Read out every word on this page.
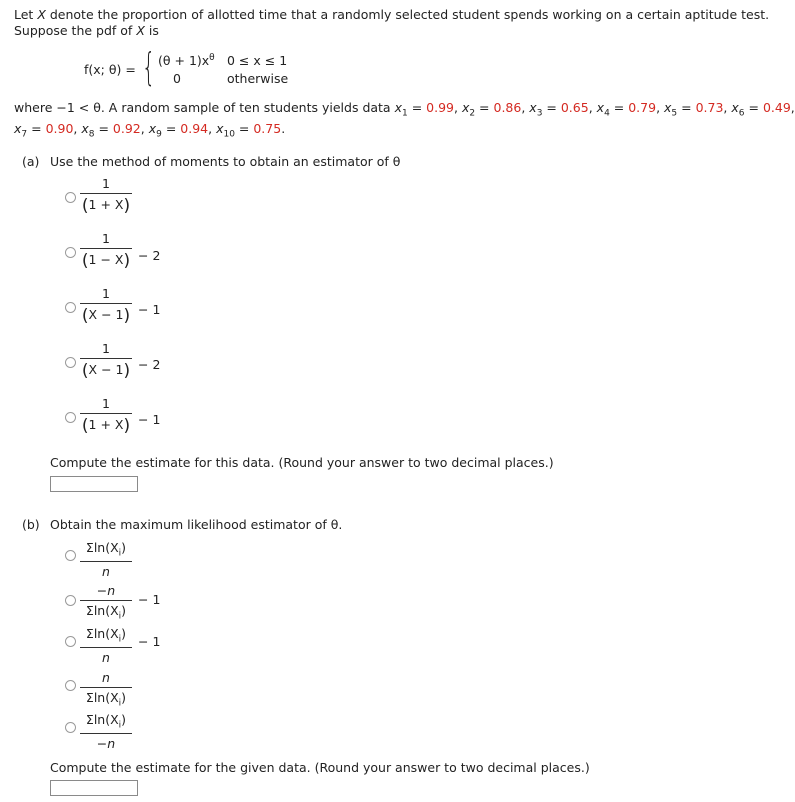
Let X denote the proportion of allotted time that a randomly selected student spends working on a certain aptitude test. Suppose the pdf of X is
f(x; θ) = { $(\theta + 1)x^\theta$ 0 ≤ x ≤ 1
0	otherwise
where −1 < θ. A random sample of ten students yields data $x_1 = 0.99$, $x_2 = 0.86$, $x_3 = 0.65$, $x_4 = 0.79$, $x_5 = 0.73$, $x_6 = 0.49$,
$x_7 = 0.90$, $x_8 = 0.92$, $x_9 = 0.94$, $x_{10} = 0.75$.
(a) Use the method of moments to obtain an estimator of θ
1
(1 + X)
1
(1 − X) − 2
1
(X − 1) − 1
1
(X − 1) − 2
1
(1 + X) − 1
Compute the estimate for this data. (Round your answer to two decimal places.)
(b) Obtain the maximum likelihood estimator of θ.
$\Sigma\ln(X_i)$
n
−n
$\Sigma\ln(X_i)$
− 1
$\Sigma\ln(X_i)$
n
− 1
n
$\Sigma\ln(X_i)$
$\Sigma\ln(X_i)$
−n
Compute the estimate for the given data. (Round your answer to two decimal places.)
